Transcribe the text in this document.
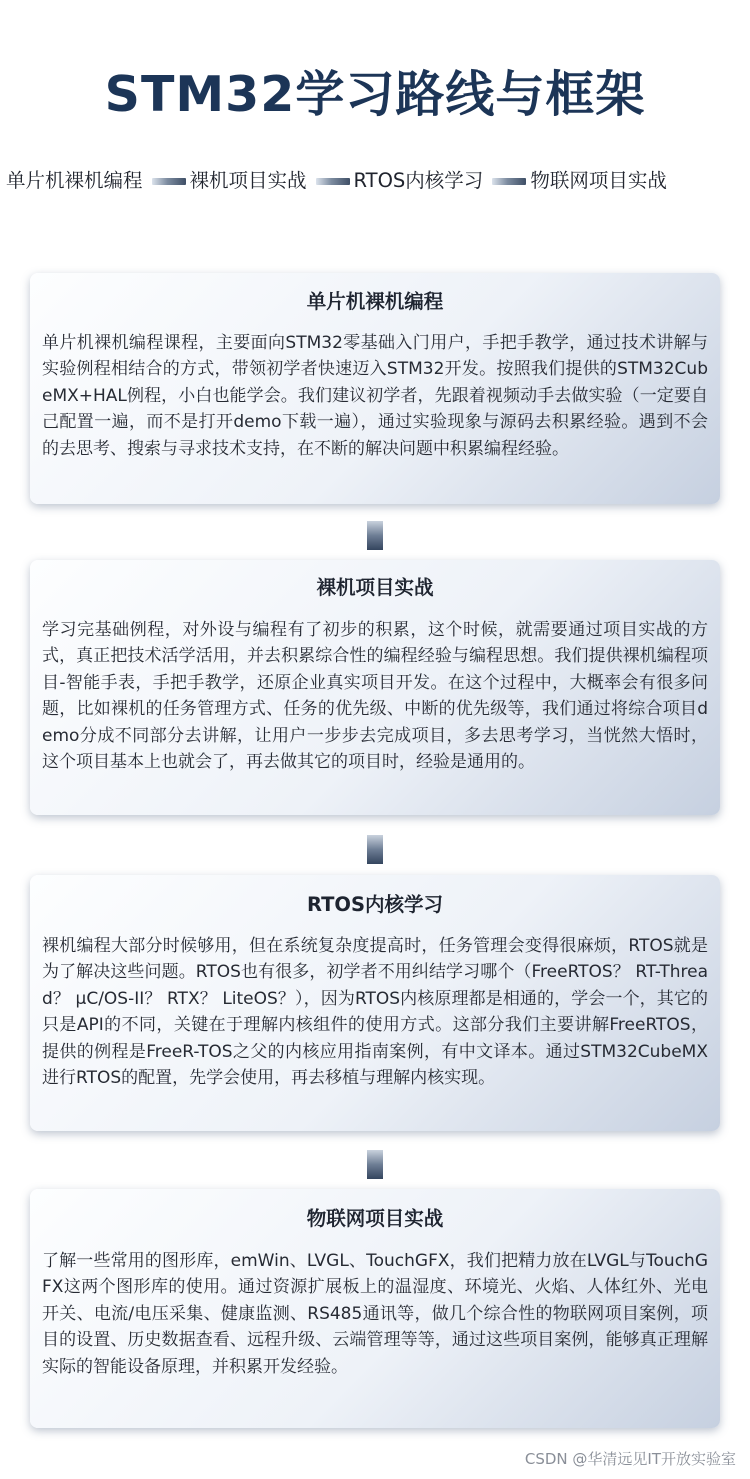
STM32学习路线与框架
单片机裸机编程 裸机项目实战 RTOS内核学习 物联网项目实战
单片机裸机编程
单片机裸机编程课程，主要面向STM32零基础入门用户，手把手教学，通过技术讲解与实验例程相结合的方式，带领初学者快速迈入STM32开发。按照我们提供的STM32CubeMX+HAL例程，小白也能学会。我们建议初学者，先跟着视频动手去做实验（一定要自己配置一遍，而不是打开demo下载一遍），通过实验现象与源码去积累经验。遇到不会的去思考、搜索与寻求技术支持，在不断的解决问题中积累编程经验。
裸机项目实战
学习完基础例程，对外设与编程有了初步的积累，这个时候，就需要通过项目实战的方式，真正把技术活学活用，并去积累综合性的编程经验与编程思想。我们提供裸机编程项目-智能手表，手把手教学，还原企业真实项目开发。在这个过程中，大概率会有很多问题，比如裸机的任务管理方式、任务的优先级、中断的优先级等，我们通过将综合项目demo分成不同部分去讲解，让用户一步步去完成项目，多去思考学习，当恍然大悟时，这个项目基本上也就会了，再去做其它的项目时，经验是通用的。
RTOS内核学习
裸机编程大部分时候够用，但在系统复杂度提高时，任务管理会变得很麻烦，RTOS就是为了解决这些问题。RTOS也有很多，初学者不用纠结学习哪个（FreeRTOS？ RT-Thread？ μC/OS-II？ RTX？ LiteOS？），因为RTOS内核原理都是相通的，学会一个，其它的只是API的不同，关键在于理解内核组件的使用方式。这部分我们主要讲解FreeRTOS，提供的例程是FreeR-TOS之父的内核应用指南案例，有中文译本。通过STM32CubeMX进行RTOS的配置，先学会使用，再去移植与理解内核实现。
物联网项目实战
了解一些常用的图形库，emWin、LVGL、TouchGFX，我们把精力放在LVGL与TouchGFX这两个图形库的使用。通过资源扩展板上的温湿度、环境光、火焰、人体红外、光电开关、电流/电压采集、健康监测、RS485通讯等，做几个综合性的物联网项目案例，项目的设置、历史数据查看、远程升级、云端管理等等，通过这些项目案例，能够真正理解实际的智能设备原理，并积累开发经验。
CSDN @华清远见IT开放实验室
